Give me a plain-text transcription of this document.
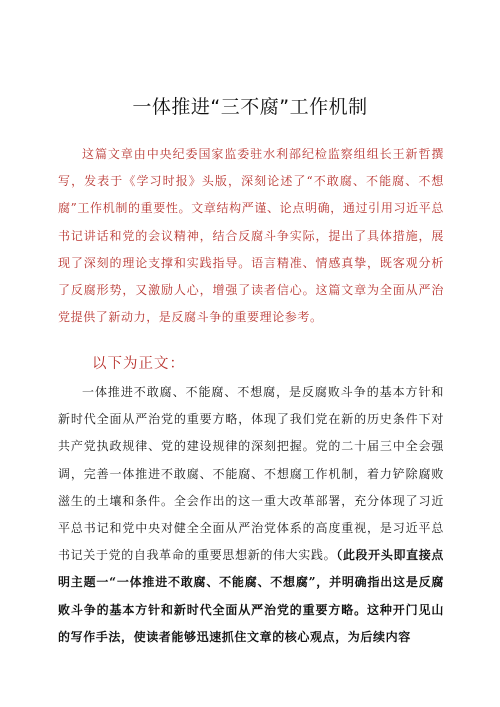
一体推进“三不腐”工作机制

这篇文章由中央纪委国家监委驻水利部纪检监察组组长王新哲撰写，发表于《学习时报》头版，深刻论述了“不敢腐、不能腐、不想腐”工作机制的重要性。文章结构严谨、论点明确，通过引用习近平总书记讲话和党的会议精神，结合反腐斗争实际，提出了具体措施，展现了深刻的理论支撑和实践指导。语言精准、情感真挚，既客观分析了反腐形势，又激励人心，增强了读者信心。这篇文章为全面从严治党提供了新动力，是反腐斗争的重要理论参考。

以下为正文：

一体推进不敢腐、不能腐、不想腐，是反腐败斗争的基本方针和新时代全面从严治党的重要方略，体现了我们党在新的历史条件下对共产党执政规律、党的建设规律的深刻把握。党的二十届三中全会强调，完善一体推进不敢腐、不能腐、不想腐工作机制，着力铲除腐败滋生的土壤和条件。全会作出的这一重大改革部署，充分体现了习近平总书记和党中央对健全全面从严治党体系的高度重视，是习近平总书记关于党的自我革命的重要思想新的伟大实践。（此段开头即直接点明主题一“一体推进不敢腐、不能腐、不想腐”，并明确指出这是反腐败斗争的基本方针和新时代全面从严治党的重要方略。这种开门见山的写作手法，使读者能够迅速抓住文章的核心观点，为后续内容
